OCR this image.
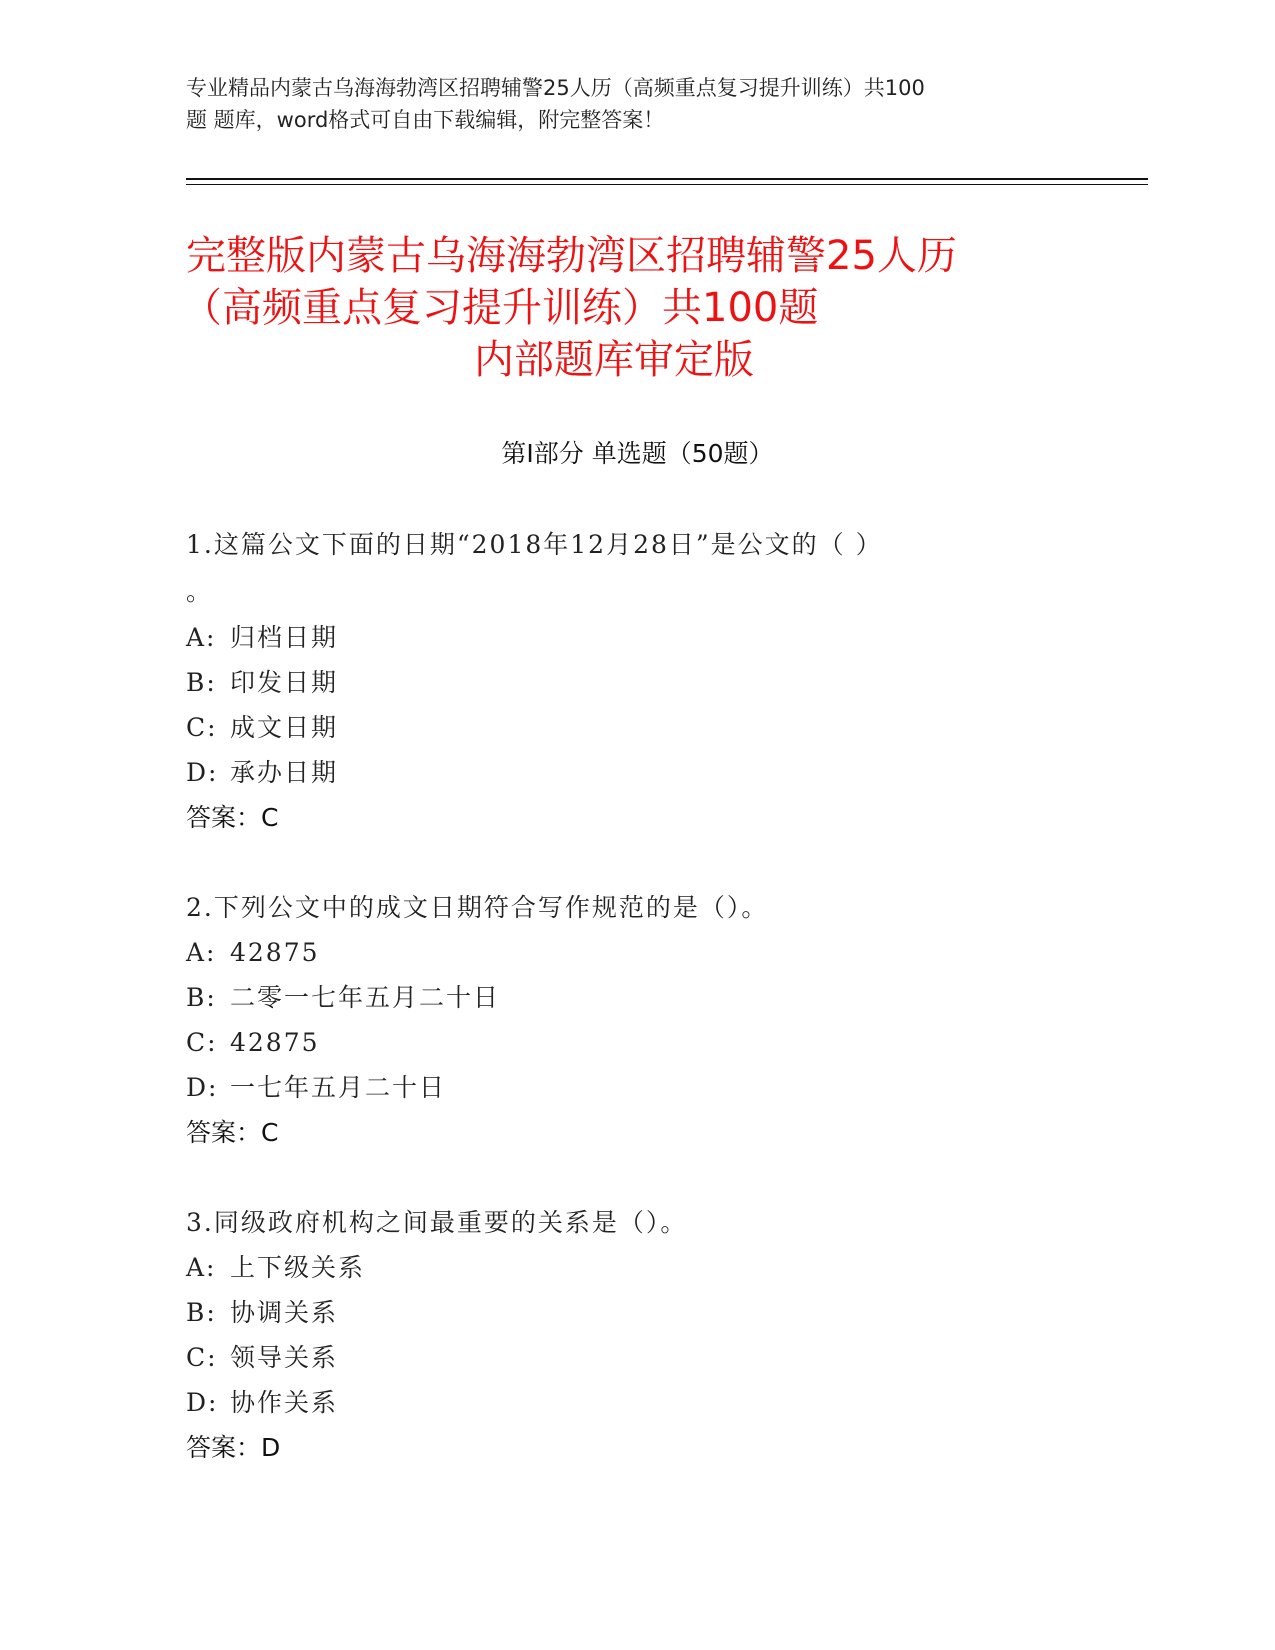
专业精品内蒙古乌海海勃湾区招聘辅警25人历（高频重点复习提升训练）共100
题 题库，word格式可自由下载编辑，附完整答案！
完整版内蒙古乌海海勃湾区招聘辅警25人历
（高频重点复习提升训练）共100题
内部题库审定版
第Ⅰ部分 单选题（50题）
1.这篇公文下面的日期“2018年12月28日”是公文的（ ）
。
A: 归档日期
B: 印发日期
C: 成文日期
D: 承办日期
答案：C
2.下列公文中的成文日期符合写作规范的是（）。
A: 42875
B: 二零一七年五月二十日
C: 42875
D: 一七年五月二十日
答案：C
3.同级政府机构之间最重要的关系是（）。
A: 上下级关系
B: 协调关系
C: 领导关系
D: 协作关系
答案：D
